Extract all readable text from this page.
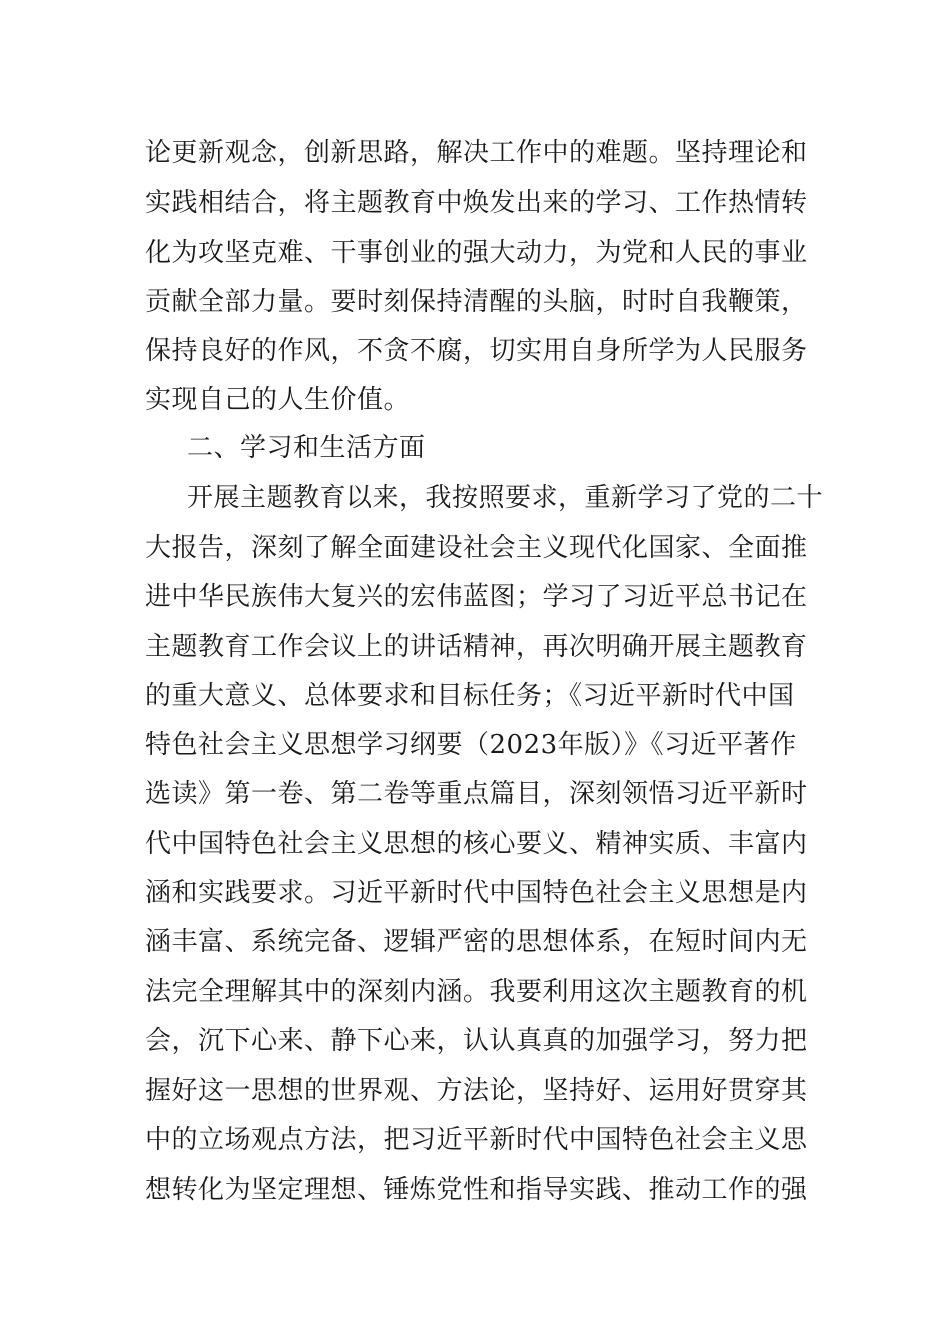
论更新观念，创新思路，解决工作中的难题。坚持理论和
实践相结合，将主题教育中焕发出来的学习、工作热情转
化为攻坚克难、干事创业的强大动力，为党和人民的事业
贡献全部力量。要时刻保持清醒的头脑，时时自我鞭策，
保持良好的作风，不贪不腐，切实用自身所学为人民服务
实现自己的人生价值。
二、学习和生活方面
开展主题教育以来，我按照要求，重新学习了党的二十
大报告，深刻了解全面建设社会主义现代化国家、全面推
进中华民族伟大复兴的宏伟蓝图；学习了习近平总书记在
主题教育工作会议上的讲话精神，再次明确开展主题教育
的重大意义、总体要求和目标任务；《习近平新时代中国
特色社会主义思想学习纲要（2023年版）》《习近平著作
选读》第一卷、第二卷等重点篇目，深刻领悟习近平新时
代中国特色社会主义思想的核心要义、精神实质、丰富内
涵和实践要求。习近平新时代中国特色社会主义思想是内
涵丰富、系统完备、逻辑严密的思想体系，在短时间内无
法完全理解其中的深刻内涵。我要利用这次主题教育的机
会，沉下心来、静下心来，认认真真的加强学习，努力把
握好这一思想的世界观、方法论，坚持好、运用好贯穿其
中的立场观点方法，把习近平新时代中国特色社会主义思
想转化为坚定理想、锤炼党性和指导实践、推动工作的强
